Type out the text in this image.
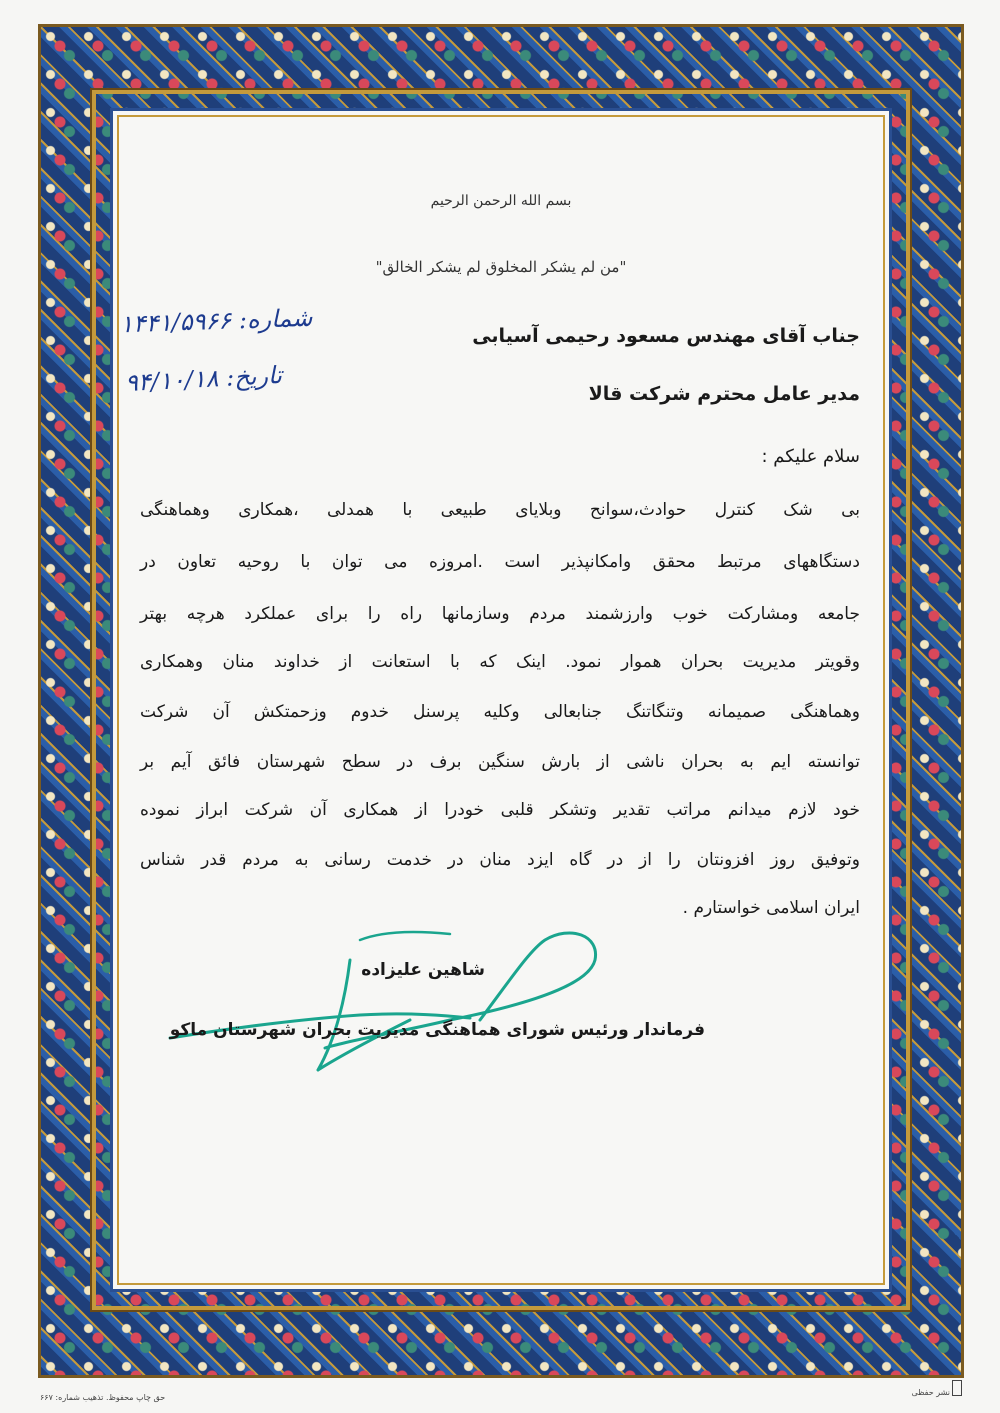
بسم الله الرحمن الرحیم
"من لم یشکر المخلوق لم یشکر الخالق"
جناب آقای مهندس مسعود رحیمی آسیابی
مدیر عامل محترم شرکت قالا
شماره: ۱۴۴۱/۵۹۶۶
تاریخ: ۹۴/۱۰/۱۸
سلام علیکم :
بی شک کنترل حوادث،سوانح وبلایای طبیعی با همدلی ،همکاری وهماهنگی
دستگاههای مرتبط محقق وامکانپذیر است .امروزه می توان با روحیه تعاون در
جامعه ومشارکت خوب وارزشمند مردم وسازمانها راه را برای عملکرد هرچه بهتر
وقویتر مدیریت بحران هموار نمود. اینک که با استعانت از خداوند منان وهمکاری
وهماهنگی صمیمانه وتنگاتنگ جنابعالی وکلیه پرسنل خدوم وزحمتکش آن شرکت
توانسته ایم به بحران ناشی از بارش سنگین برف در سطح شهرستان فائق آیم بر
خود لازم میدانم مراتب تقدیر وتشکر قلبی خودرا از همکاری آن شرکت ابراز نموده
وتوفیق روز افزونتان را از در گاه ایزد منان در خدمت رسانی به مردم قدر شناس
ایران اسلامی خواستارم .
شاهین علیزاده
فرماندار ورئیس شورای هماهنگی مدیریت بحران شهرستان ماکو
حق چاپ محفوظ. تذهیب شماره: ۶۶۷
نشر حفظی
